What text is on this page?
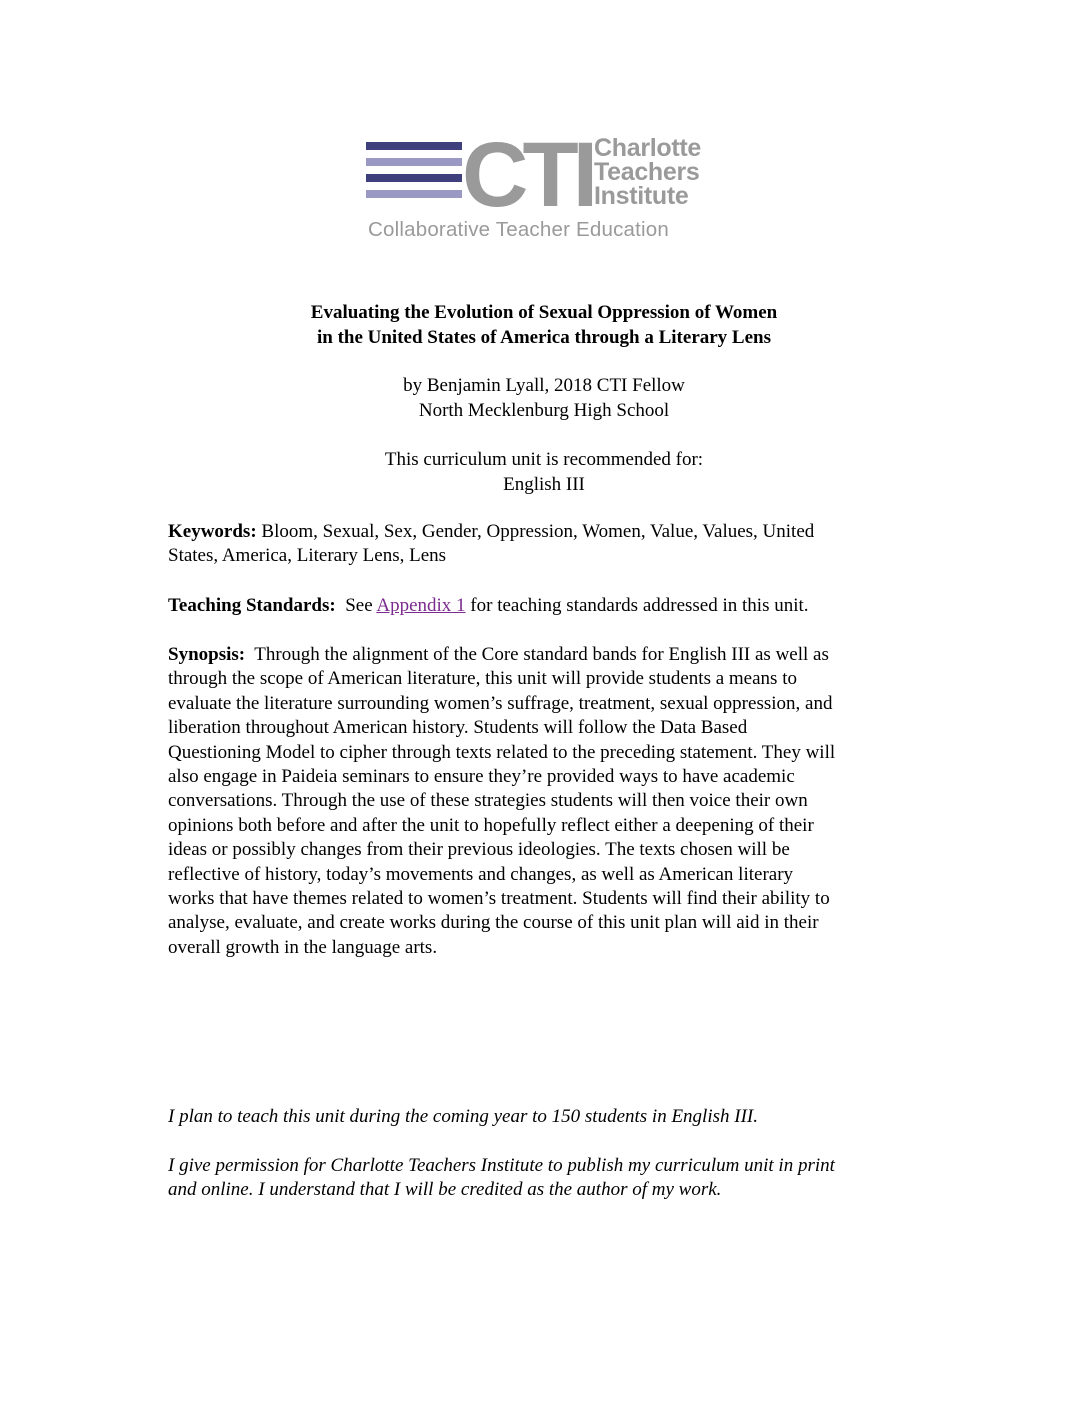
CTI Charlotte
Teachers
Institute
Collaborative Teacher Education
Evaluating the Evolution of Sexual Oppression of Women
in the United States of America through a Literary Lens
by Benjamin Lyall, 2018 CTI Fellow
North Mecklenburg High School
This curriculum unit is recommended for:
English III
Keywords: Bloom, Sexual, Sex, Gender, Oppression, Women, Value, Values, United
States, America, Literary Lens, Lens
Teaching Standards:  See Appendix 1 for teaching standards addressed in this unit.
Synopsis:  Through the alignment of the Core standard bands for English III as well as
through the scope of American literature, this unit will provide students a means to
evaluate the literature surrounding women’s suffrage, treatment, sexual oppression, and
liberation throughout American history. Students will follow the Data Based
Questioning Model to cipher through texts related to the preceding statement. They will
also engage in Paideia seminars to ensure they’re provided ways to have academic
conversations. Through the use of these strategies students will then voice their own
opinions both before and after the unit to hopefully reflect either a deepening of their
ideas or possibly changes from their previous ideologies. The texts chosen will be
reflective of history, today’s movements and changes, as well as American literary
works that have themes related to women’s treatment. Students will find their ability to
analyse, evaluate, and create works during the course of this unit plan will aid in their
overall growth in the language arts.
I plan to teach this unit during the coming year to 150 students in English III.
I give permission for Charlotte Teachers Institute to publish my curriculum unit in print
and online. I understand that I will be credited as the author of my work.
